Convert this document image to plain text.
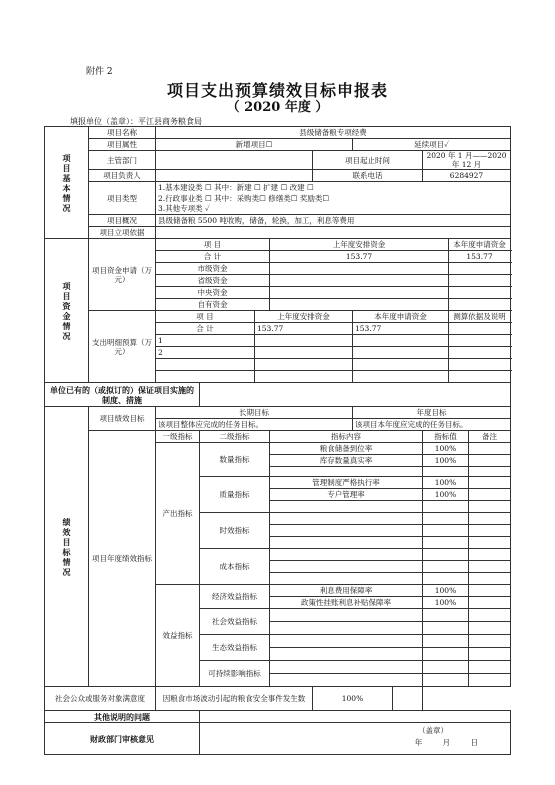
附件 2
项目支出预算绩效目标申报表
（ 2020 年度 ）
填报单位（盖章）：平江县商务粮食局
项目基本情况	项目名称	县级储备粮专项经费									
	项目属性	新增项目☐					延续项目✓				
	主管部门					项目起止时间			2020 年 1 月——2020 年 12 月		
	项目负责人					联系电话			6284927		
	项目类型	1.基本建设类 ☐ 其中：新建 ☐ 扩建 ☐ 改建 ☐									
		2.行政事业类 ☐ 其中：采购类☐ 修缮类☐ 奖励类☐									
		3.其他专项类 ✓									
	项目概况	县级储备粮 5500 吨收购，储备，轮换，加工，利息等费用									
	项目立项依据										
项目资金情况	项目资金申请（万元）	项 目			上年度安排资金					本年度申请资金	
		合 计			153.77					153.77	
		市级资金									
		省级资金									
		中央资金									
		自有资金									
	支出明细预算（万元）	项 目		上年度安排资金			本年度申请资金			测算依据及说明	
		合 计		153.77			153.77				
		1									
		2									

单位已有的（或拟订的）保证项目实施的制度、措施											
绩效目标情况	项目绩效目标	长期目标					年度目标				
		该项目整体应完成的任务目标。					该项目本年度应完成的任务目标。				
	项目年度绩效指标	一级指标	二级指标		指标内容				指标值		备注
		产出指标	数量指标		粮食储备到位率				100%		
					库存数量真实率				100%		

			质量指标		管理制度严格执行率				100%		
					专户管理率				100%		

			时效指标								

			成本指标								

		效益指标	经济效益指标		利息费用保障率				100%		
					政策性挂账利息补贴保障率				100%		
			社会效益指标								

			生态效益指标								

			可持续影响指标								

社会公众或服务对象满意度		因粮食市场波动引起的粮食安全事件发生数				100%					
其他说明的问题											
财政部门审核意见			（盖章）
年 月 日								
